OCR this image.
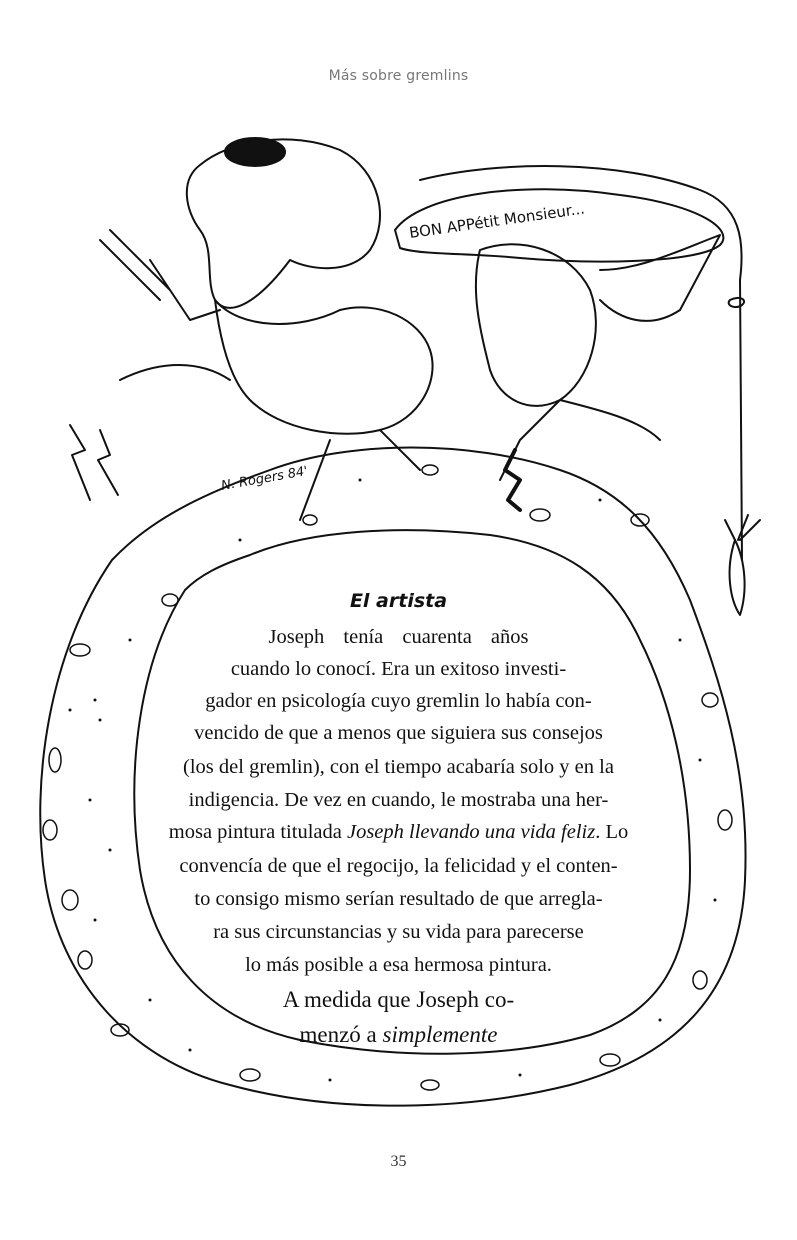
Más sobre gremlins
BON APPétit Monsieur...
N. Rogers 84'
El artista
Joseph tenía cuarenta años
cuando lo conocí. Era un exitoso investi-
gador en psicología cuyo gremlin lo había con-
vencido de que a menos que siguiera sus consejos
(los del gremlin), con el tiempo acabaría solo y en la
indigencia. De vez en cuando, le mostraba una her-
mosa pintura titulada Joseph llevando una vida feliz. Lo
convencía de que el regocijo, la felicidad y el conten-
to consigo mismo serían resultado de que arregla-
ra sus circunstancias y su vida para parecerse
lo más posible a esa hermosa pintura.
A medida que Joseph co-
menzó a simplemente
35
